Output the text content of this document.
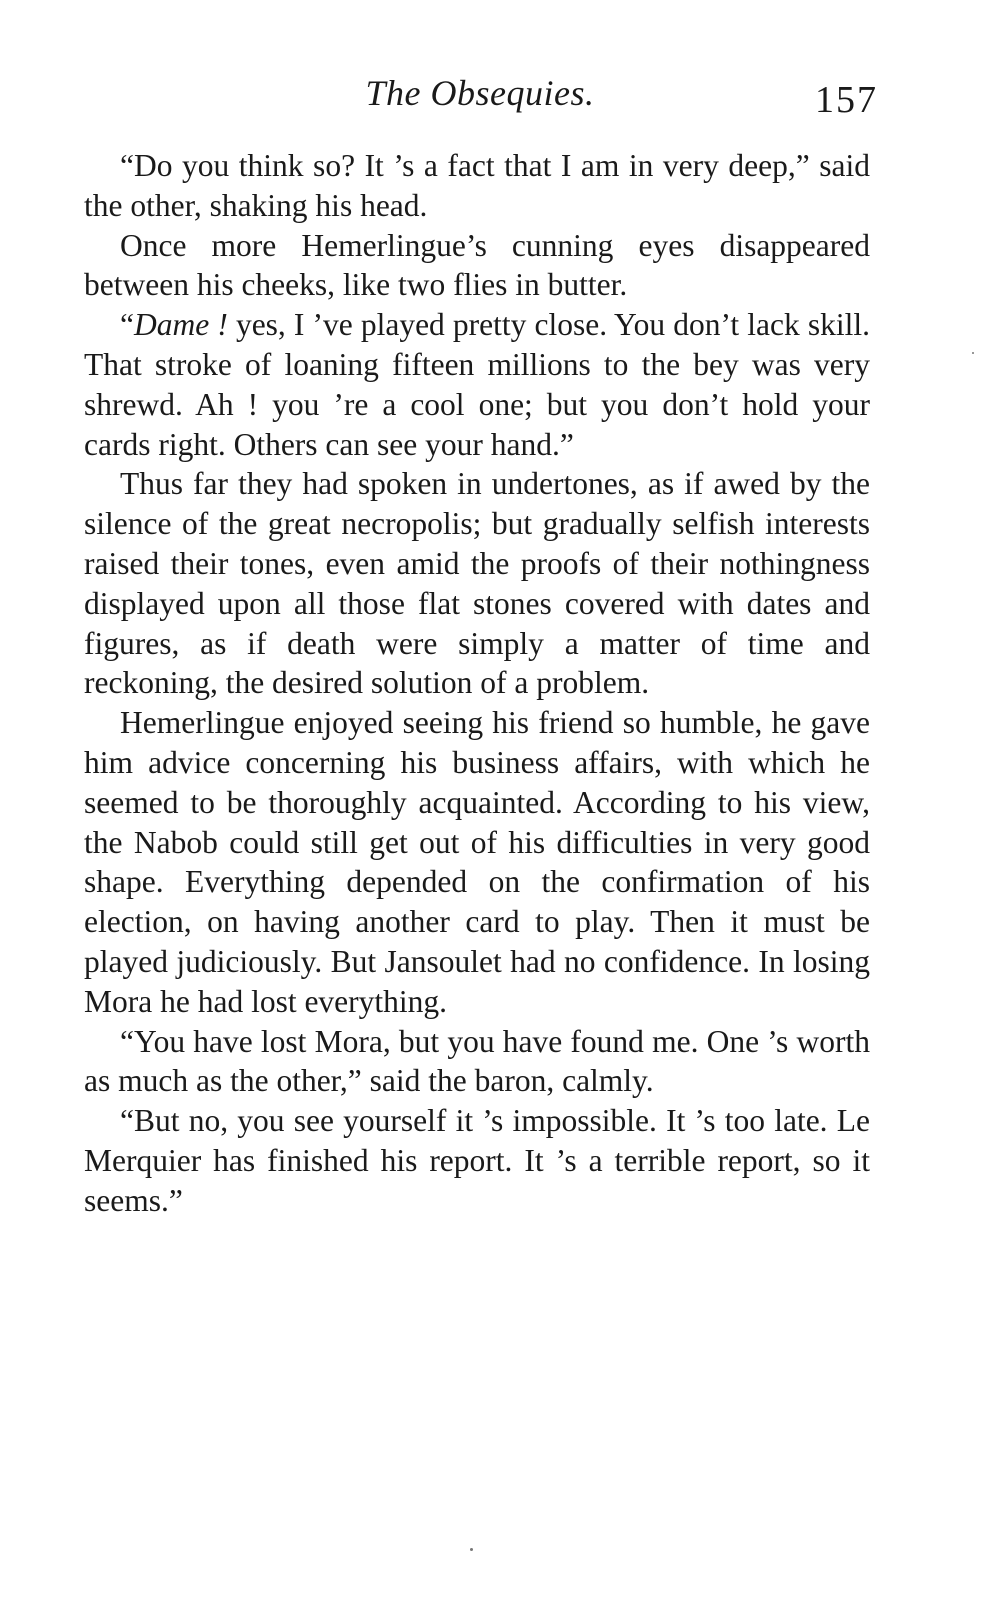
The Obsequies.	157

“Do you think so? It ’s a fact that I am in very deep,” said the other, shaking his head.

Once more Hemerlingue’s cunning eyes disappeared between his cheeks, like two flies in butter.

“Dame ! yes, I ’ve played pretty close. You don’t lack skill. That stroke of loaning fifteen millions to the bey was very shrewd. Ah ! you ’re a cool one; but you don’t hold your cards right. Others can see your hand.”

Thus far they had spoken in undertones, as if awed by the silence of the great necropolis; but gradually selfish interests raised their tones, even amid the proofs of their nothingness displayed upon all those flat stones covered with dates and figures, as if death were simply a matter of time and reckoning, the desired solution of a problem.

Hemerlingue enjoyed seeing his friend so humble, he gave him advice concerning his business affairs, with which he seemed to be thoroughly acquainted. According to his view, the Nabob could still get out of his difficulties in very good shape. Everything depended on the confirmation of his election, on having another card to play. Then it must be played judiciously. But Jansoulet had no confidence. In losing Mora he had lost everything.

“You have lost Mora, but you have found me. One ’s worth as much as the other,” said the baron, calmly.

“But no, you see yourself it ’s impossible. It ’s too late. Le Merquier has finished his report. It ’s a terrible report, so it seems.”
